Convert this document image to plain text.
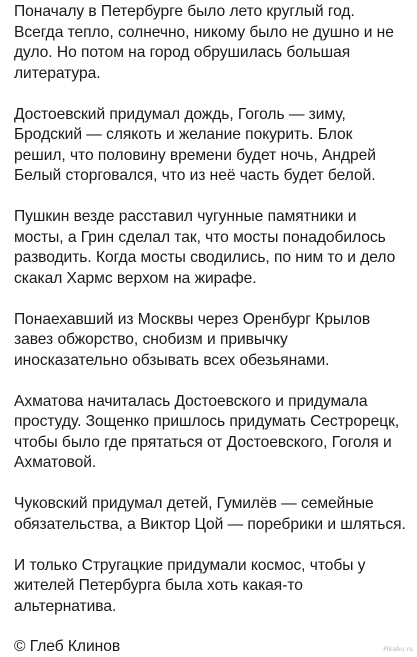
Поначалу в Петербурге было лето круглый год.
Всегда тепло, солнечно, никому было не душно и не
дуло. Но потом на город обрушилась большая
литература.

Достоевский придумал дождь, Гоголь — зиму,
Бродский — слякоть и желание покурить. Блок
решил, что половину времени будет ночь, Андрей
Белый сторговался, что из неё часть будет белой.

Пушкин везде расставил чугунные памятники и
мосты, а Грин сделал так, что мосты понадобилось
разводить. Когда мосты сводились, по ним то и дело
скакал Хармс верхом на жирафе.

Понаехавший из Москвы через Оренбург Крылов
завез обжорство, снобизм и привычку
иносказательно обзывать всех обезьянами.

Ахматова начиталась Достоевского и придумала
простуду. Зощенко пришлось придумать Сестрорецк,
чтобы было где прятаться от Достоевского, Гоголя и
Ахматовой.

Чуковский придумал детей, Гумилёв — семейные
обязательства, а Виктор Цой — поребрики и шляться.

И только Стругацкие придумали космос, чтобы у
жителей Петербурга была хоть какая-то
альтернатива.

© Глеб Клинов	Pikabu.ru
